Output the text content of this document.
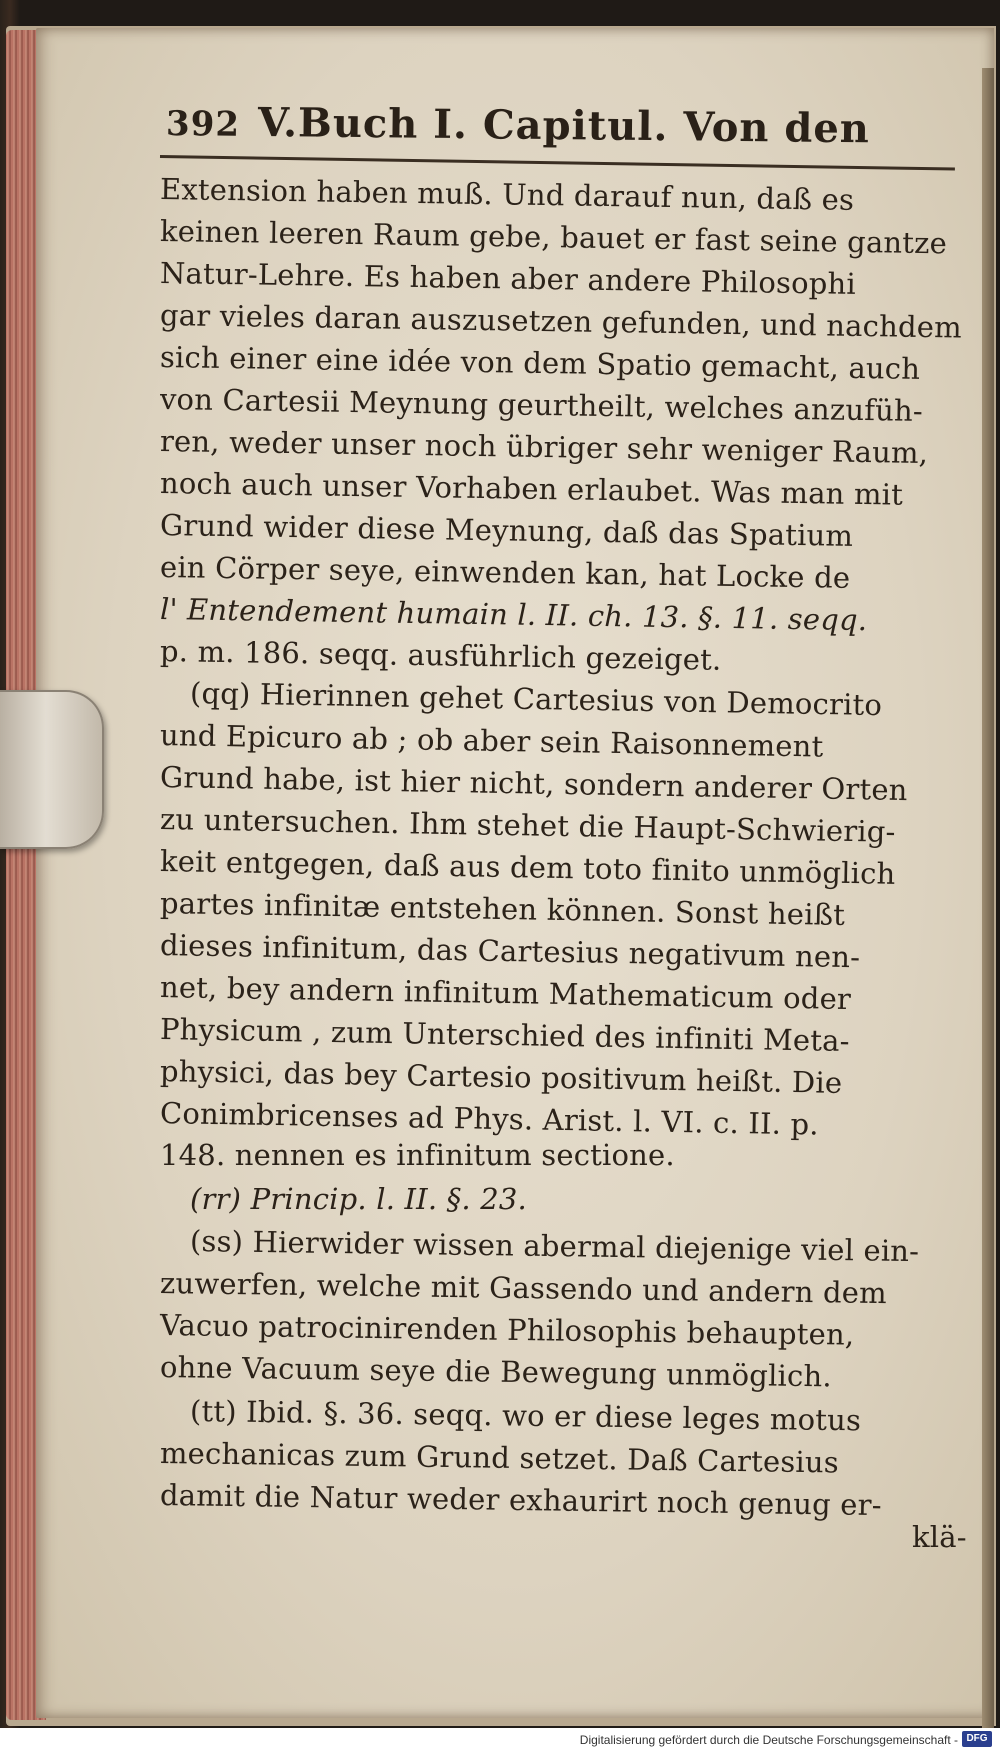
392 V.Buch I. Capitul. Von den
Extension haben muß. Und darauf nun, daß es
keinen leeren Raum gebe, bauet er fast seine gantze
Natur-Lehre. Es haben aber andere Philosophi
gar vieles daran auszusetzen gefunden, und nachdem
sich einer eine idée von dem Spatio gemacht, auch
von Cartesii Meynung geurtheilt, welches anzufüh-
ren, weder unser noch übriger sehr weniger Raum,
noch auch unser Vorhaben erlaubet. Was man mit
Grund wider diese Meynung, daß das Spatium
ein Cörper seye, einwenden kan, hat Locke de
l' Entendement humain l. II. ch. 13. §. 11. seqq.
p. m. 186. seqq. ausführlich gezeiget.
(qq) Hierinnen gehet Cartesius von Democrito
und Epicuro ab ; ob aber sein Raisonnement
Grund habe, ist hier nicht, sondern anderer Orten
zu untersuchen. Ihm stehet die Haupt-Schwierig-
keit entgegen, daß aus dem toto finito unmöglich
partes infinitæ entstehen können. Sonst heißt
dieses infinitum, das Cartesius negativum nen-
net, bey andern infinitum Mathematicum oder
Physicum , zum Unterschied des infiniti Meta-
physici, das bey Cartesio positivum heißt. Die
Conimbricenses ad Phys. Arist. l. VI. c. II. p.
148. nennen es infinitum sectione.
(rr) Princip. l. II. §. 23.
(ss) Hierwider wissen abermal diejenige viel ein-
zuwerfen, welche mit Gassendo und andern dem
Vacuo patrocinirenden Philosophis behaupten,
ohne Vacuum seye die Bewegung unmöglich.
(tt) Ibid. §. 36. seqq. wo er diese leges motus
mechanicas zum Grund setzet. Daß Cartesius
damit die Natur weder exhaurirt noch genug er-
klä-
Digitalisierung gefördert durch die Deutsche Forschungsgemeinschaft - DFG
